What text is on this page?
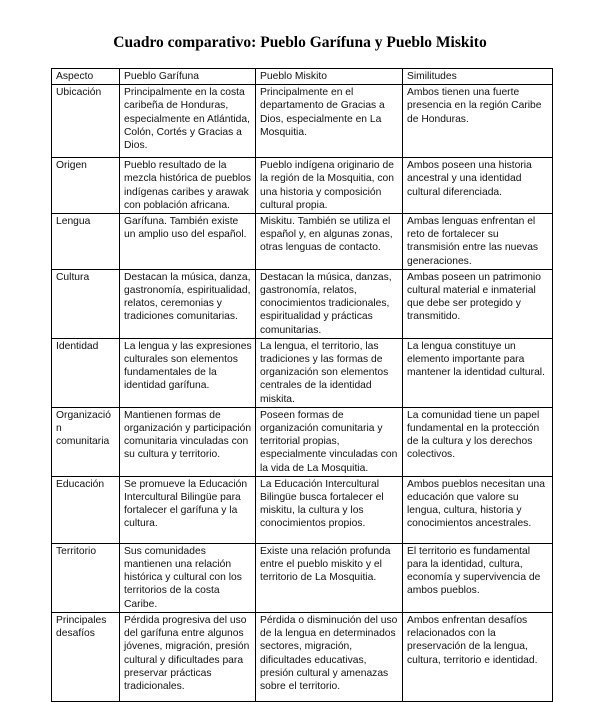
Cuadro comparativo: Pueblo Garífuna y Pueblo Miskito
Aspecto	Pueblo Garífuna	Pueblo Miskito	Similitudes
Ubicación	Principalmente en la costa caribeña de Honduras, especialmente en Atlántida, Colón, Cortés y Gracias a Dios.	Principalmente en el departamento de Gracias a Dios, especialmente en La Mosquitia.	Ambos tienen una fuerte presencia en la región Caribe de Honduras.
Origen	Pueblo resultado de la mezcla histórica de pueblos indígenas caribes y arawak con población africana.	Pueblo indígena originario de la región de la Mosquitia, con una historia y composición cultural propia.	Ambos poseen una historia ancestral y una identidad cultural diferenciada.
Lengua	Garífuna. También existe un amplio uso del español.	Miskitu. También se utiliza el español y, en algunas zonas, otras lenguas de contacto.	Ambas lenguas enfrentan el reto de fortalecer su transmisión entre las nuevas generaciones.
Cultura	Destacan la música, danza, gastronomía, espiritualidad, relatos, ceremonias y tradiciones comunitarias.	Destacan la música, danzas, gastronomía, relatos, conocimientos tradicionales, espiritualidad y prácticas comunitarias.	Ambas poseen un patrimonio cultural material e inmaterial que debe ser protegido y transmitido.
Identidad	La lengua y las expresiones culturales son elementos fundamentales de la identidad garífuna.	La lengua, el territorio, las tradiciones y las formas de organización son elementos centrales de la identidad miskita.	La lengua constituye un elemento importante para mantener la identidad cultural.
Organización comunitaria	Mantienen formas de organización y participación comunitaria vinculadas con su cultura y territorio.	Poseen formas de organización comunitaria y territorial propias, especialmente vinculadas con la vida de La Mosquitia.	La comunidad tiene un papel fundamental en la protección de la cultura y los derechos colectivos.
Educación	Se promueve la Educación Intercultural Bilingüe para fortalecer el garífuna y la cultura.	La Educación Intercultural Bilingüe busca fortalecer el miskitu, la cultura y los conocimientos propios.	Ambos pueblos necesitan una educación que valore su lengua, cultura, historia y conocimientos ancestrales.
Territorio	Sus comunidades mantienen una relación histórica y cultural con los territorios de la costa Caribe.	Existe una relación profunda entre el pueblo miskito y el territorio de La Mosquitia.	El territorio es fundamental para la identidad, cultura, economía y supervivencia de ambos pueblos.
Principales desafíos	Pérdida progresiva del uso del garífuna entre algunos jóvenes, migración, presión cultural y dificultades para preservar prácticas tradicionales.	Pérdida o disminución del uso de la lengua en determinados sectores, migración, dificultades educativas, presión cultural y amenazas sobre el territorio.	Ambos enfrentan desafíos relacionados con la preservación de la lengua, cultura, territorio e identidad.
